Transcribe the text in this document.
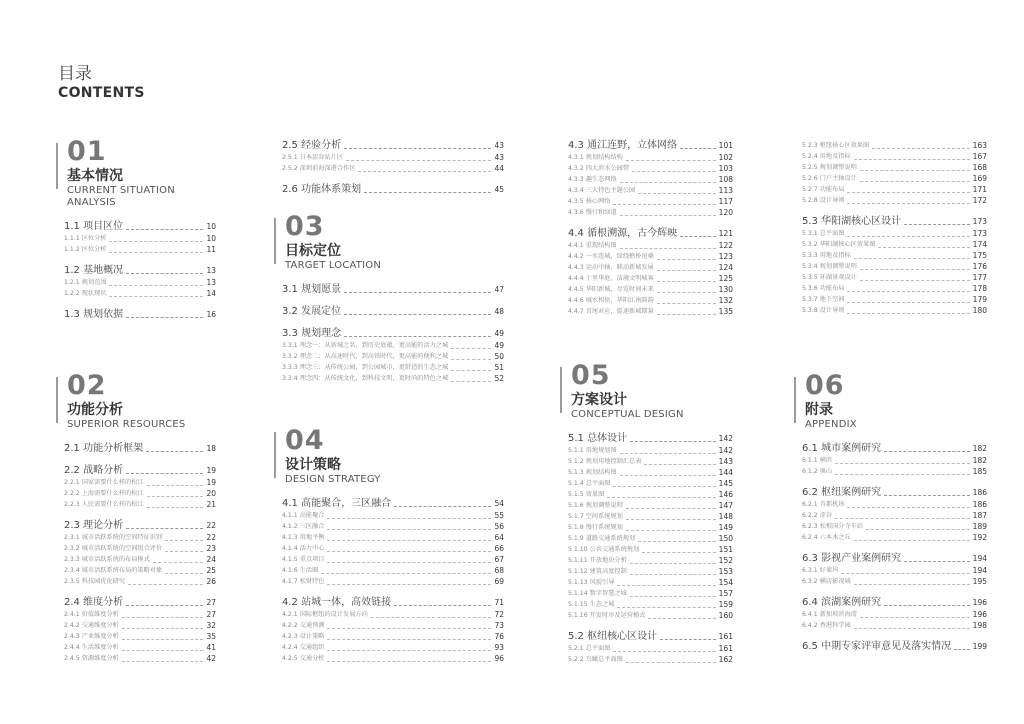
目录
CONTENTS
01
基本情况
CURRENT SITUATION ANALYSIS
1.1 项目区位	10
1.1.1 区位分析	10
1.1.2 区位分析	11
1.2 基地概况	13
1.2.1 规划范围	13
1.2.2 现状现状	14
1.3 规划依据	16
02
功能分析
SUPERIOR RESOURCES
2.1 功能分析框架	18
2.2 战略分析	19
2.2.1 国家需要什么样的松江	19
2.2.2 上海需要什么样的松江	20
2.2.3 人民需要什么样的松江	21
2.3 理论分析	22
2.3.1 城市活跃系统的空间特征识别	22
2.3.2 城市活跃系统的空间组合评价	23
2.3.3 城市活跃系统的布局模式	24
2.3.4 城市活跃系统布局的策略对象	25
2.3.5 科技园优化研究	26
2.4 维度分析	27
2.4.1 价值维度分析	27
2.4.2 交通维度分析	32
2.4.3 产业维度分析	35
2.4.4 生活维度分析	41
2.4.5 资源维度分析	42
2.5 经验分析	43
2.5.1 日本涩谷站片区	43
2.5.2 深圳前海深港合作区	44
2.6 功能体系策划	45
03
目标定位
TARGET LOCATION
3.1 规划愿景	47
3.2 发展定位	48
3.3 规划理念	49
3.3.1 理念一：从新城之名，到历史底蕴，更高能的活力之城	49
3.3.2 理念二：从高速时代，到高铁时代，更高能的便利之城	50
3.3.3 理念三：从传统公园，到公园城市，更舒适的生态之城	51
3.3.4 理念四：从传统文化，到科技文明，更时尚的特色之城	52
04
设计策略
DESIGN STRATEGY
4.1 高能聚合，三区融合	54
4.1.1 高能聚合	55
4.1.2 三区融合	56
4.1.3 用地平衡	64
4.1.4 活力中心	66
4.1.5 重点项目	67
4.1.6 生活圈	68
4.1.7 松财特色	69
4.2 站城一体，高效链接	71
4.2.1 国际枢纽的设计发展方向	72
4.2.2 交通预测	73
4.2.3 设计策略	76
4.2.4 交通组织	93
4.2.5 交通分析	96
4.3 通江连野，立体网络	101
4.3.1 规划结构结构	102
4.3.2 四大滨水公园带	103
4.3.3 趣生态网络	108
4.3.4 三大特色主题公园	113
4.3.5 核心网络	117
4.3.6 慢行和绿道	120
4.4 循根溯源，古今辉映	121
4.4.1 重现结构图	122
4.4.2 一水连城，绿绕橹桥沧桑	123
4.4.3 运动中轴，联动新城发展	124
4.4.4 十里华庭，洁境文明城客	125
4.4.5 华阳新城，尽览时间未来	130
4.4.6 城水相依，华阳江南韵韵	132
4.4.7 首尾对应，提速新城期量	135
05
方案设计
CONCEPTUAL DESIGN
5.1 总体设计	142
5.1.1 用地规划图	142
5.1.2 规划用地控制汇总表	143
5.1.3 规划结构图	144
5.1.4 总平面图	145
5.1.5 效果图	146
5.1.6 规划调整说明	147
5.1.7 空间系统规划	148
5.1.8 慢行系统规划	149
5.1.9 道路交通系统规划	150
5.1.10 公共交通系统规划	151
5.1.11 开放地块分析	152
5.1.12 建筑高度控制	153
5.1.13 风貌引导	154
5.1.14 数字智慧之城	157
5.1.15 生态之城	159
5.1.16 开发时序及运营模式	160
5.2 枢纽核心区设计	161
5.2.1 总平面图	161
5.2.2 鸟瞰总平面图	162
5.2.3 枢纽核心区效果图	163
5.2.4 用地及指标	167
5.2.5 规划调整说明	168
5.2.6 门户主轴设计	169
5.2.7 功能布局	171
5.2.8 设计导则	172
5.3 华阳湖核心区设计	173
5.3.1 总平面图	173
5.3.2 华阳湖核心区效果图	174
5.3.3 用地及指标	175
5.3.4 规划调整说明	176
5.3.5 环湖景观设计	177
5.3.6 功能布局	178
5.3.7 地下空间	179
5.3.8 设计导则	180
06
附录
APPENDIX
6.1 城市案例研究	182
6.1.1 横滨	182
6.1.2 奥山	185
6.2 枢纽案例研究	186
6.2.1 首都机场	186
6.2.2 涩谷	187
6.2.3 松根国分寺车站	189
6.2.4 六本木之丘	192
6.3 影视产业案例研究	194
6.3.1 好莱坞	194
6.3.2 横店影视城	195
6.4 滨湖案例研究	196
6.4.1 新加坡滨海湾	196
6.4.2 香港科学园	198
6.5 中期专家评审意见及落实情况	199
